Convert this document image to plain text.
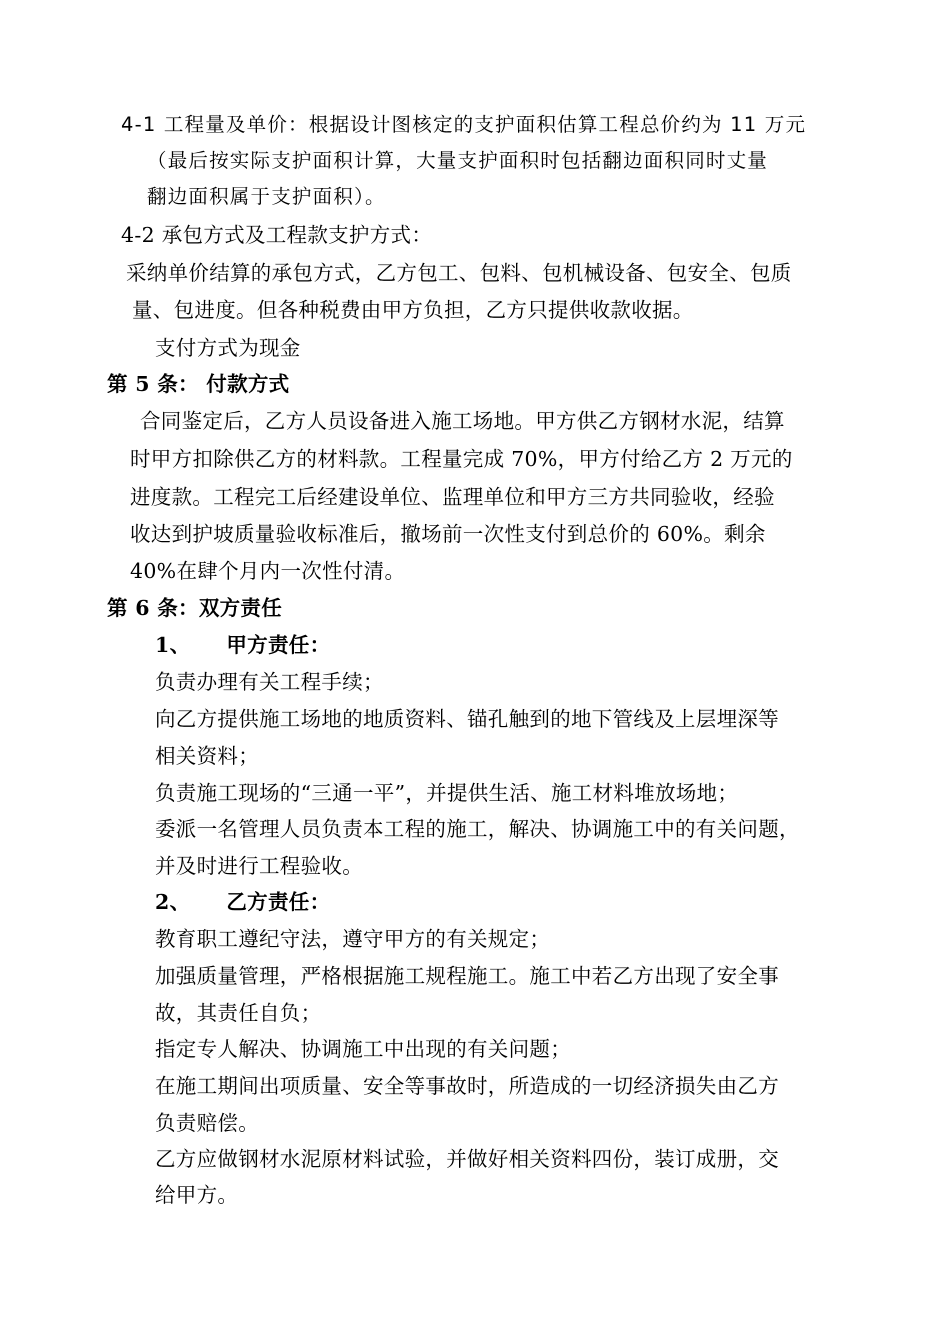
4-1 工程量及单价：根据设计图核定的支护面积估算工程总价约为 11 万元
（最后按实际支护面积计算，大量支护面积时包括翻边面积同时丈量
翻边面积属于支护面积）。
4-2 承包方式及工程款支护方式：
采纳单价结算的承包方式，乙方包工、包料、包机械设备、包安全、包质
量、包进度。但各种税费由甲方负担，乙方只提供收款收据。
支付方式为现金
第 5 条： 付款方式
合同鉴定后，乙方人员设备进入施工场地。甲方供乙方钢材水泥，结算
时甲方扣除供乙方的材料款。工程量完成 70%，甲方付给乙方 2 万元的
进度款。工程完工后经建设单位、监理单位和甲方三方共同验收，经验
收达到护坡质量验收标准后，撤场前一次性支付到总价的 60%。剩余
40%在肆个月内一次性付清。
第 6 条：双方责任
1、 甲方责任：
负责办理有关工程手续；
向乙方提供施工场地的地质资料、锚孔触到的地下管线及上层埋深等
相关资料；
负责施工现场的“三通一平”，并提供生活、施工材料堆放场地；
委派一名管理人员负责本工程的施工，解决、协调施工中的有关问题，
并及时进行工程验收。
2、 乙方责任：
教育职工遵纪守法，遵守甲方的有关规定；
加强质量管理，严格根据施工规程施工。施工中若乙方出现了安全事
故，其责任自负；
指定专人解决、协调施工中出现的有关问题；
在施工期间出项质量、安全等事故时，所造成的一切经济损失由乙方
负责赔偿。
乙方应做钢材水泥原材料试验，并做好相关资料四份，装订成册，交
给甲方。
